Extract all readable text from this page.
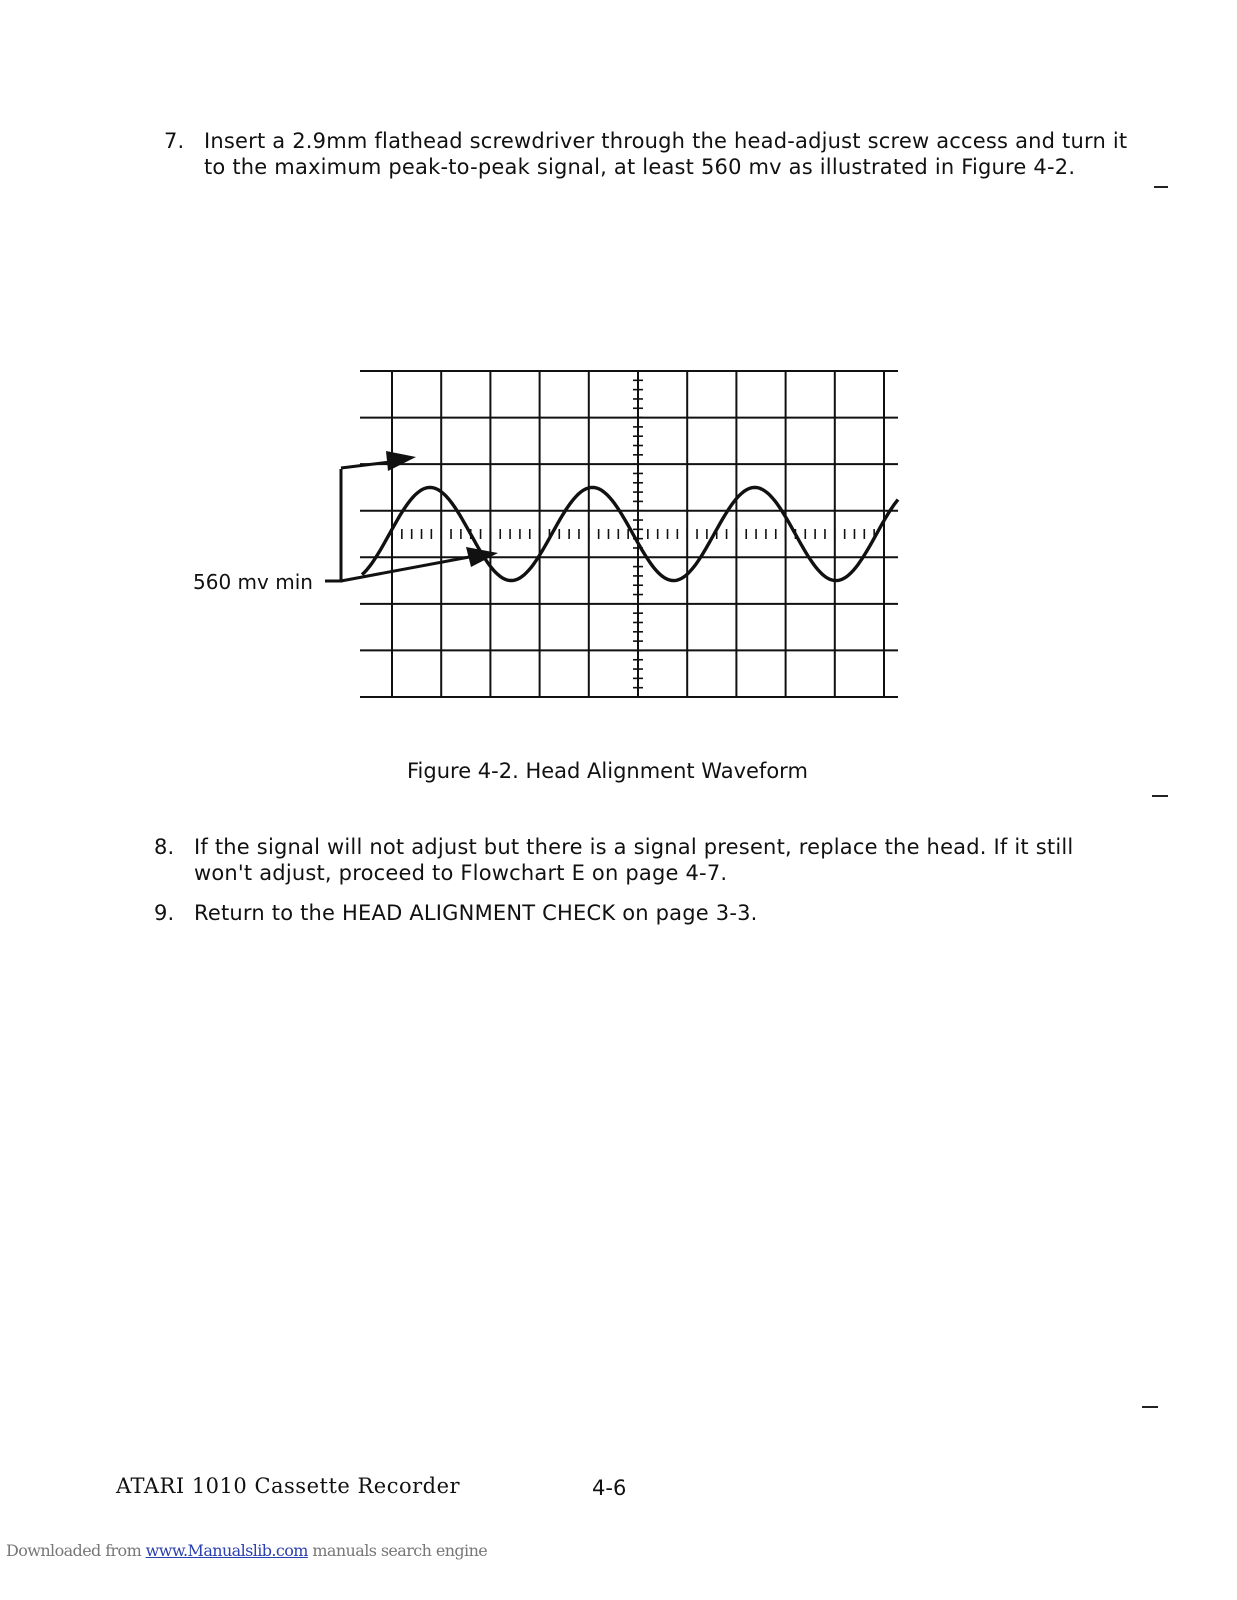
7. Insert a 2.9mm flathead screwdriver through the head-adjust screw access and turn it
to the maximum peak-to-peak signal, at least 560 mv as illustrated in Figure 4-2.
560 mv min
Figure 4-2. Head Alignment Waveform
8. If the signal will not adjust but there is a signal present, replace the head. If it still
won't adjust, proceed to Flowchart E on page 4-7.
9. Return to the HEAD ALIGNMENT CHECK on page 3-3.
ATARI 1010 Cassette Recorder	4-6
Downloaded from www.Manualslib.com manuals search engine
